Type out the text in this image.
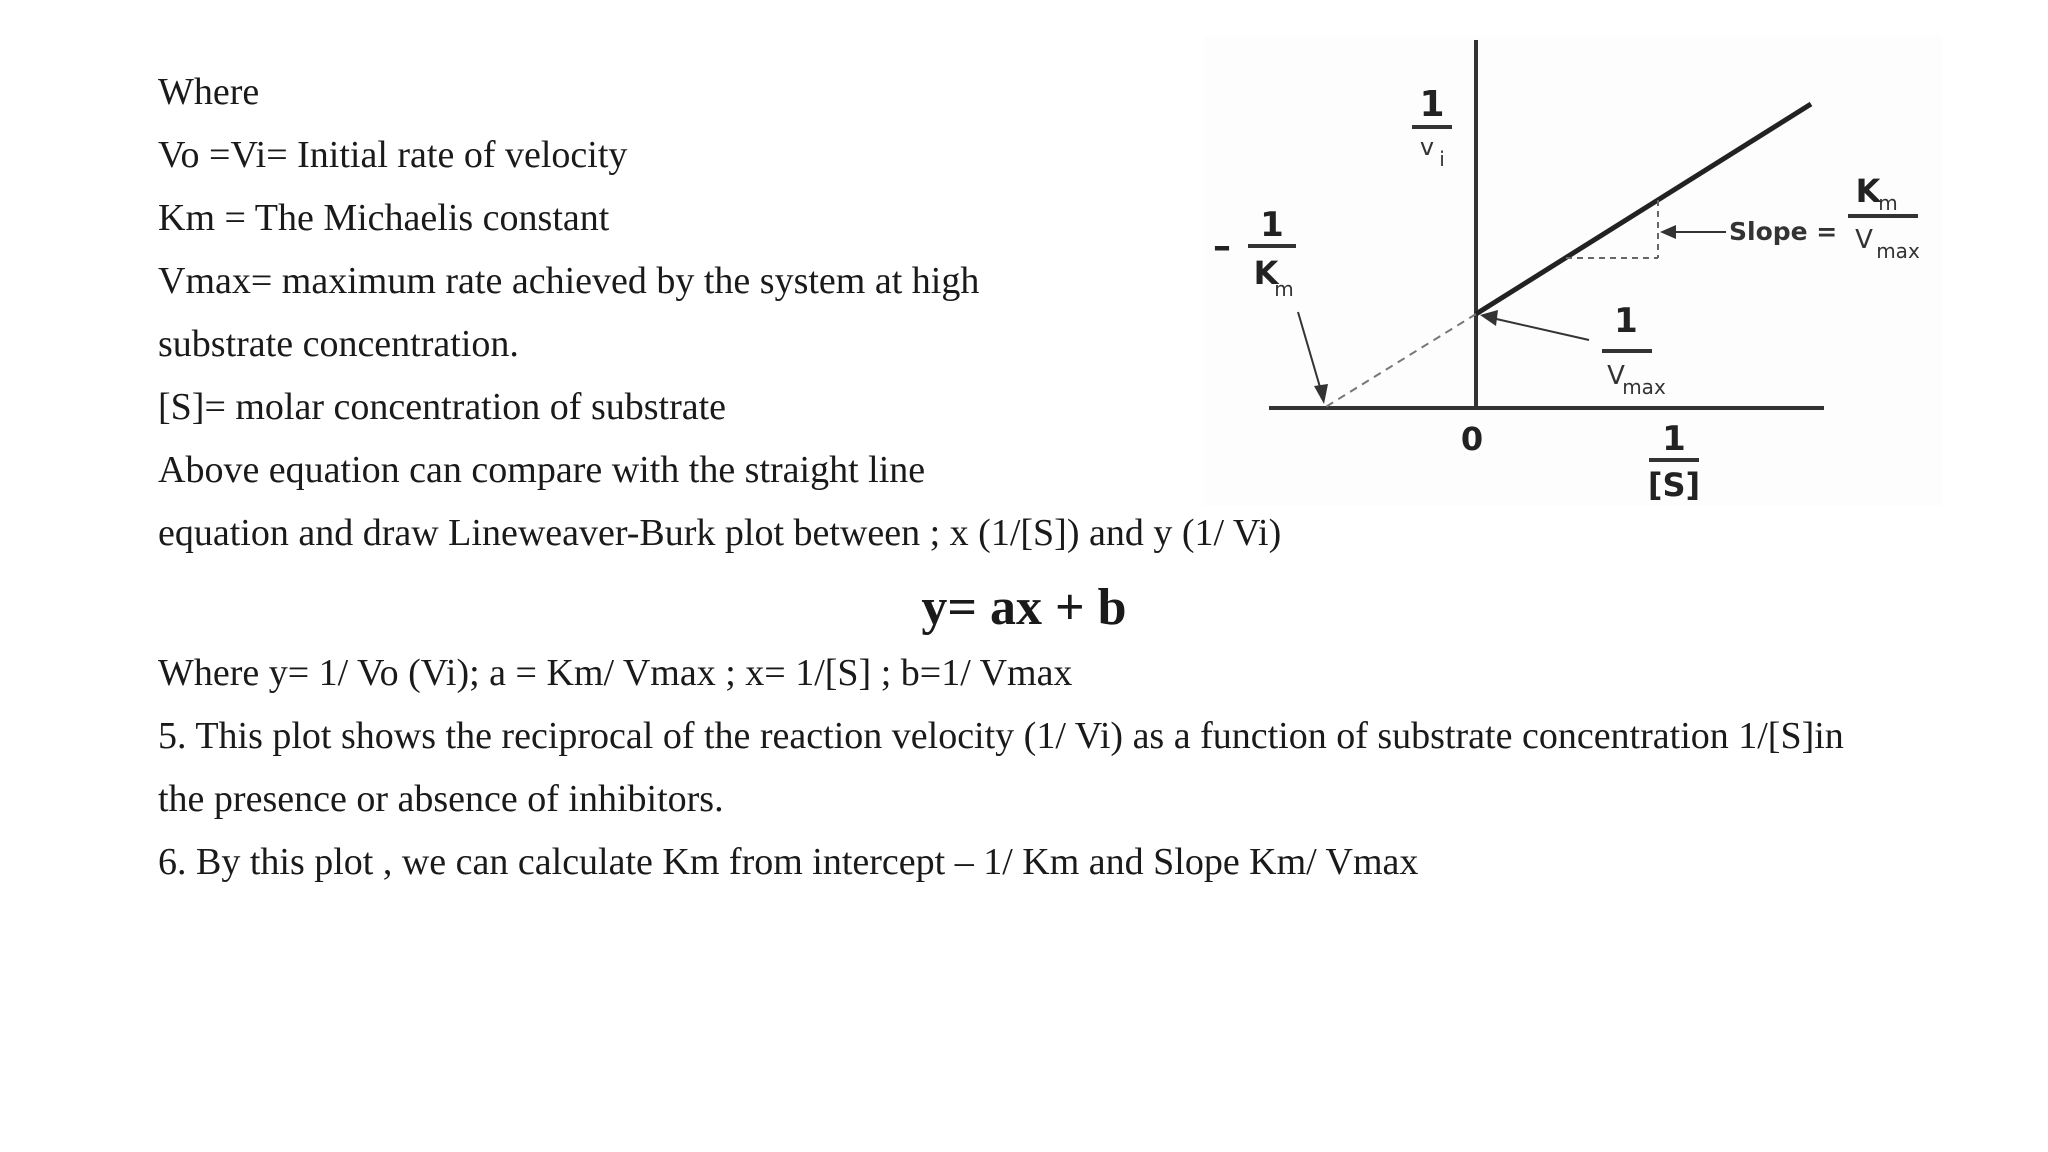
Where
Vo =Vi= Initial rate of velocity
Km = The Michaelis constant
Vmax= maximum rate achieved by the system at high
substrate concentration.
[S]= molar concentration of substrate
Above equation can compare with the straight line
equation and draw Lineweaver-Burk plot between ; x (1/[S]) and y (1/ Vi)
y= ax + b
Where y= 1/ Vo (Vi); a = Km/ Vmax ; x= 1/[S] ; b=1/ Vmax
5. This plot shows the reciprocal of the reaction velocity (1/ Vi) as a function of substrate concentration 1/[S]in
the presence or absence of inhibitors.
6. By this plot , we can calculate Km from intercept – 1/ Km and Slope Km/ Vmax
1
v i
1
[S]
0
–
1
K
m
1
V
max
Slope =
K
m
V max
